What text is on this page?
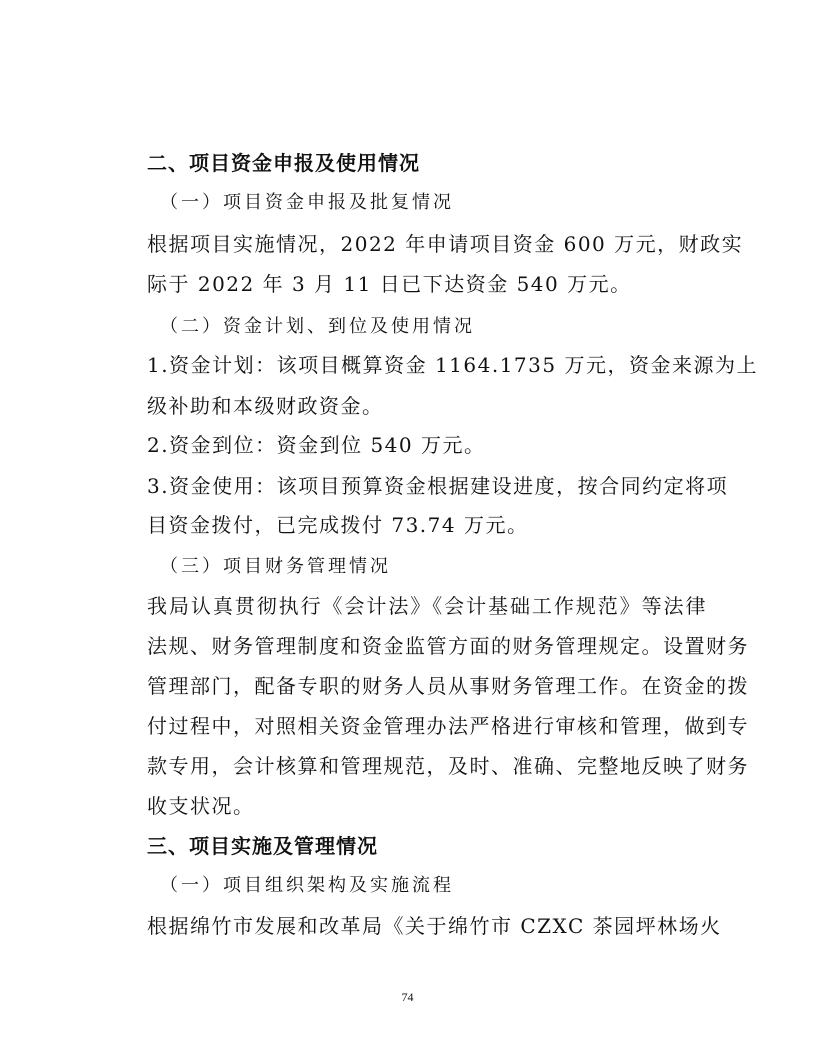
二、项目资金申报及使用情况
（一）项目资金申报及批复情况
根据项目实施情况，2022 年申请项目资金 600 万元，财政实
际于 2022 年 3 月 11 日已下达资金 540 万元。
（二）资金计划、到位及使用情况
1.资金计划：该项目概算资金 1164.1735 万元，资金来源为上
级补助和本级财政资金。
2.资金到位：资金到位 540 万元。
3.资金使用：该项目预算资金根据建设进度，按合同约定将项
目资金拨付，已完成拨付 73.74 万元。
（三）项目财务管理情况
我局认真贯彻执行《会计法》《会计基础工作规范》等法律
法规、财务管理制度和资金监管方面的财务管理规定。设置财务
管理部门，配备专职的财务人员从事财务管理工作。在资金的拨
付过程中，对照相关资金管理办法严格进行审核和管理，做到专
款专用，会计核算和管理规范，及时、准确、完整地反映了财务
收支状况。
三、项目实施及管理情况
（一）项目组织架构及实施流程
根据绵竹市发展和改革局《关于绵竹市 CZXC 茶园坪林场火
74
